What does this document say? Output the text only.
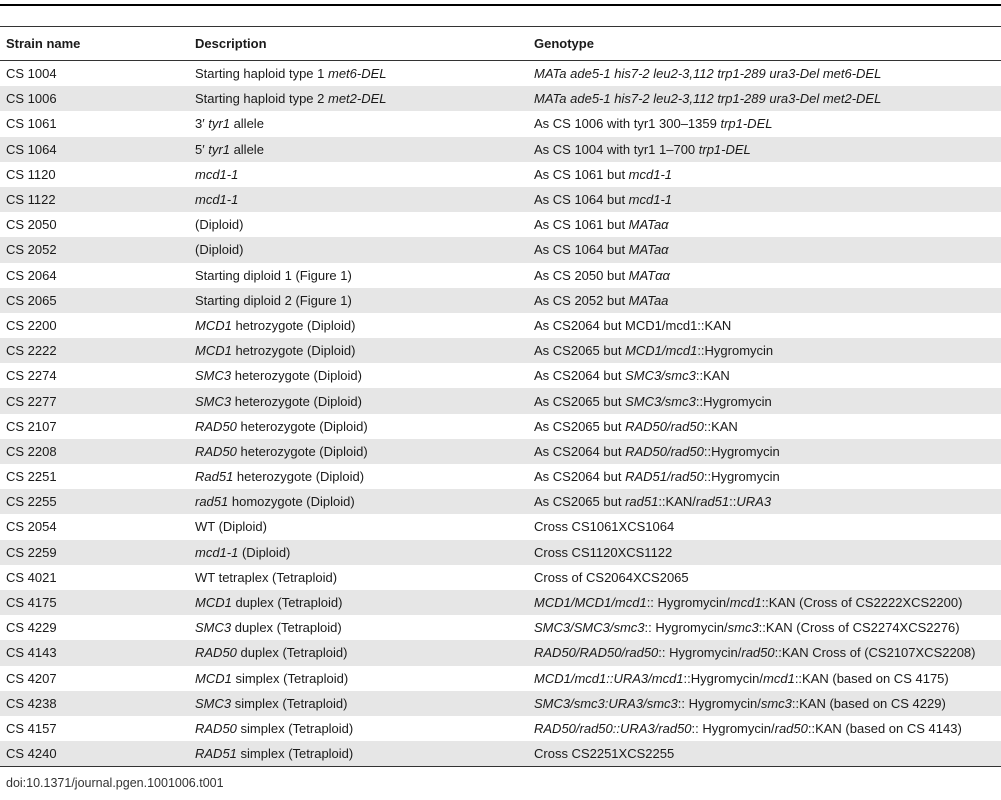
Strain name	Description	Genotype
CS 1004	Starting haploid type 1 met6-DEL	MATa ade5-1 his7-2 leu2-3,112 trp1-289 ura3-Del met6-DEL
CS 1006	Starting haploid type 2 met2-DEL	MATa ade5-1 his7-2 leu2-3,112 trp1-289 ura3-Del met2-DEL
CS 1061	3′ tyr1 allele	As CS 1006 with tyr1 300–1359 trp1-DEL
CS 1064	5′ tyr1 allele	As CS 1004 with tyr1 1–700 trp1-DEL
CS 1120	mcd1-1	As CS 1061 but mcd1-1
CS 1122	mcd1-1	As CS 1064 but mcd1-1
CS 2050	(Diploid)	As CS 1061 but MATaα
CS 2052	(Diploid)	As CS 1064 but MATaα
CS 2064	Starting diploid 1 (Figure 1)	As CS 2050 but MATαα
CS 2065	Starting diploid 2 (Figure 1)	As CS 2052 but MATaa
CS 2200	MCD1 hetrozygote (Diploid)	As CS2064 but MCD1/mcd1::KAN
CS 2222	MCD1 hetrozygote (Diploid)	As CS2065 but MCD1/mcd1::Hygromycin
CS 2274	SMC3 heterozygote (Diploid)	As CS2064 but SMC3/smc3::KAN
CS 2277	SMC3 heterozygote (Diploid)	As CS2065 but SMC3/smc3::Hygromycin
CS 2107	RAD50 heterozygote (Diploid)	As CS2065 but RAD50/rad50::KAN
CS 2208	RAD50 heterozygote (Diploid)	As CS2064 but RAD50/rad50::Hygromycin
CS 2251	Rad51 heterozygote (Diploid)	As CS2064 but RAD51/rad50::Hygromycin
CS 2255	rad51 homozygote (Diploid)	As CS2065 but rad51::KAN/rad51::URA3
CS 2054	WT (Diploid)	Cross CS1061XCS1064
CS 2259	mcd1-1 (Diploid)	Cross CS1120XCS1122
CS 4021	WT tetraplex (Tetraploid)	Cross of CS2064XCS2065
CS 4175	MCD1 duplex (Tetraploid)	MCD1/MCD1/mcd1:: Hygromycin/mcd1::KAN (Cross of CS2222XCS2200)
CS 4229	SMC3 duplex (Tetraploid)	SMC3/SMC3/smc3:: Hygromycin/smc3::KAN (Cross of CS2274XCS2276)
CS 4143	RAD50 duplex (Tetraploid)	RAD50/RAD50/rad50:: Hygromycin/rad50::KAN Cross of (CS2107XCS2208)
CS 4207	MCD1 simplex (Tetraploid)	MCD1/mcd1::URA3/mcd1::Hygromycin/mcd1::KAN (based on CS 4175)
CS 4238	SMC3 simplex (Tetraploid)	SMC3/smc3:URA3/smc3:: Hygromycin/smc3::KAN (based on CS 4229)
CS 4157	RAD50 simplex (Tetraploid)	RAD50/rad50::URA3/rad50:: Hygromycin/rad50::KAN (based on CS 4143)
CS 4240	RAD51 simplex (Tetraploid)	Cross CS2251XCS2255
doi:10.1371/journal.pgen.1001006.t001
